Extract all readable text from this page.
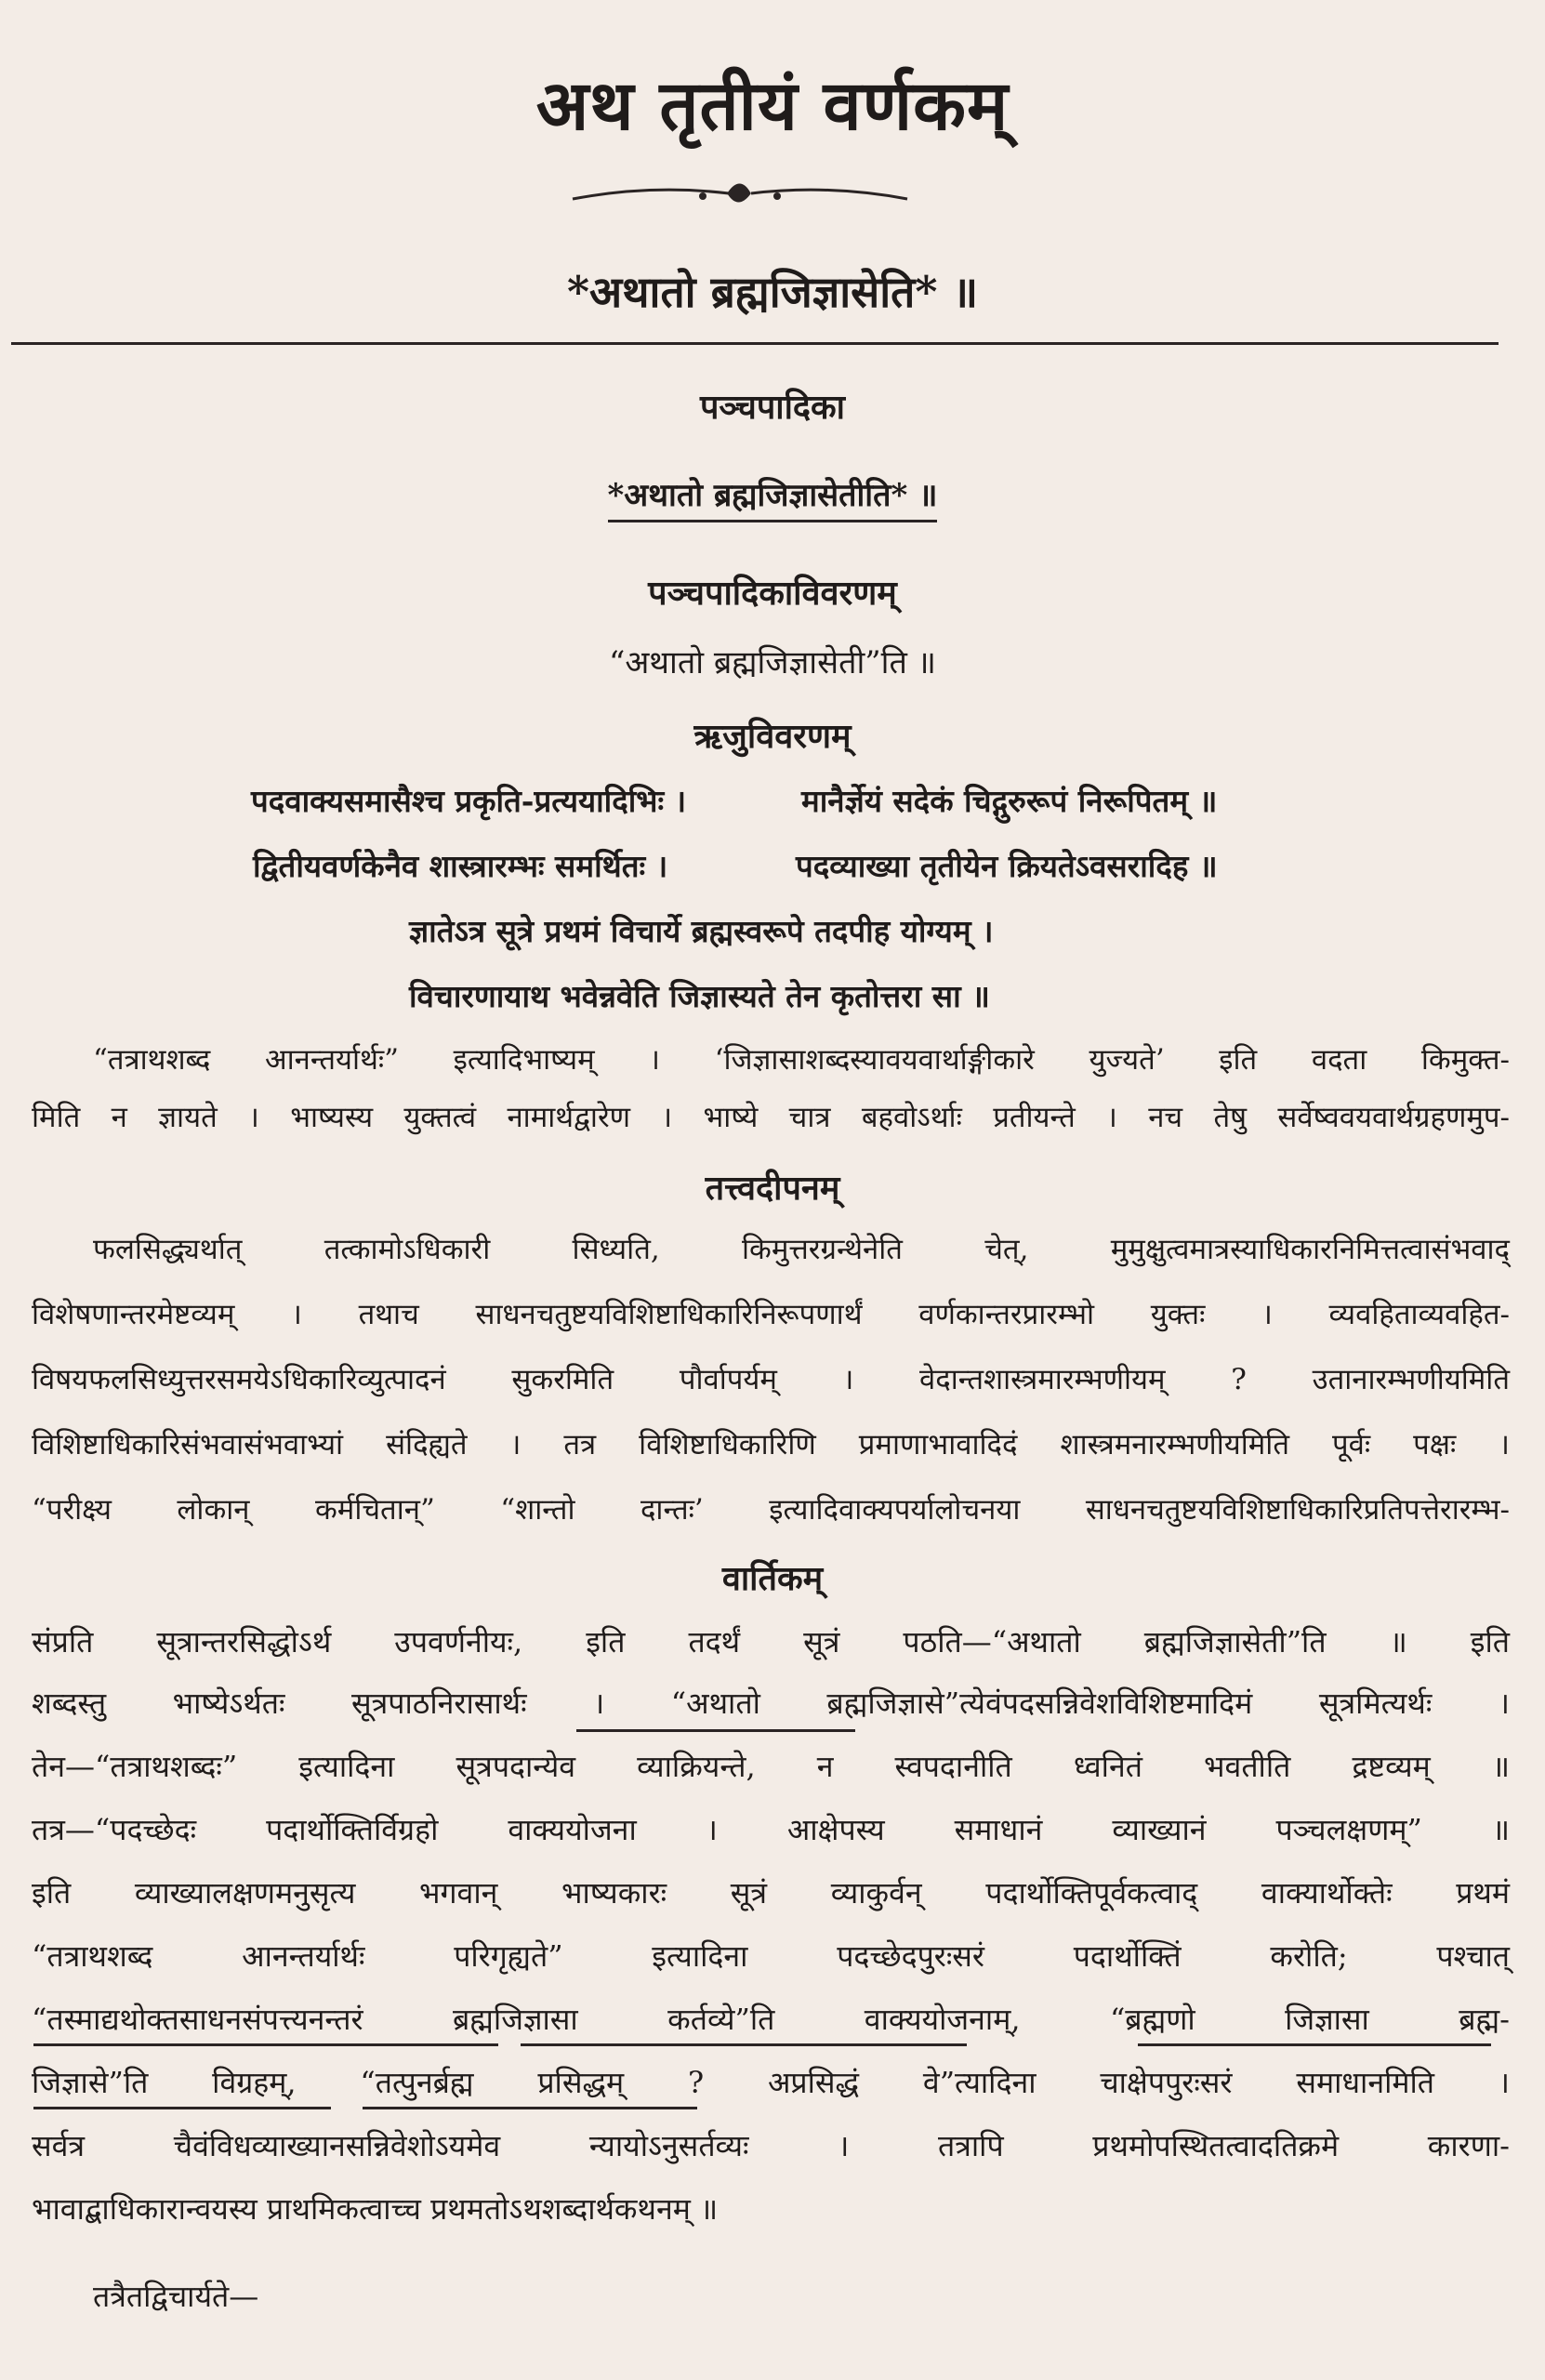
अथ तृतीयं वर्णकम्
*अथातो ब्रह्मजिज्ञासेति* ॥
पञ्चपादिका
*अथातो ब्रह्मजिज्ञासेतीति* ॥
पञ्चपादिकाविवरणम्
“अथातो ब्रह्मजिज्ञासेती”ति ॥
ऋजुविवरणम्
पदवाक्यसमासैश्च प्रकृति-प्रत्ययादिभिः ।	मानैर्ज्ञेयं सदेकं चिद्गुरुरूपं निरूपितम् ॥
द्वितीयवर्णकेनैव शास्त्रारम्भः समर्थितः ।	पदव्याख्या तृतीयेन क्रियतेऽवसरादिह ॥
ज्ञातेऽत्र सूत्रे प्रथमं विचार्ये ब्रह्मस्वरूपे तदपीह योग्यम् ।
विचारणायाथ भवेन्नवेति जिज्ञास्यते तेन कृतोत्तरा सा ॥
“तत्राथशब्द आनन्तर्यार्थः” इत्यादिभाष्यम् । ‘जिज्ञासाशब्दस्यावयवार्थाङ्गीकारे युज्यते’ इति वदता किमुक्त-
मिति न ज्ञायते । भाष्यस्य युक्तत्वं नामार्थद्वारेण । भाष्ये चात्र बहवोऽर्थाः प्रतीयन्ते । नच तेषु सर्वेष्ववयवार्थग्रहणमुप-
तत्त्वदीपनम्
फलसिद्ध्यर्थात् तत्कामोऽधिकारी सिध्यति, किमुत्तरग्रन्थेनेति चेत्, मुमुक्षुत्वमात्रस्याधिकारनिमित्तत्वासंभवाद्
विशेषणान्तरमेष्टव्यम् । तथाच साधनचतुष्टयविशिष्टाधिकारिनिरूपणार्थं वर्णकान्तरप्रारम्भो युक्तः । व्यवहिताव्यवहित-
विषयफलसिध्युत्तरसमयेऽधिकारिव्युत्पादनं सुकरमिति पौर्वापर्यम् । वेदान्तशास्त्रमारम्भणीयम् ? उतानारम्भणीयमिति
विशिष्टाधिकारिसंभवासंभवाभ्यां संदिह्यते । तत्र विशिष्टाधिकारिणि प्रमाणाभावादिदं शास्त्रमनारम्भणीयमिति पूर्वः पक्षः ।
“परीक्ष्य लोकान् कर्मचितान्” “शान्तो दान्तः’ इत्यादिवाक्यपर्यालोचनया साधनचतुष्टयविशिष्टाधिकारिप्रतिपत्तेरारम्भ-
वार्तिकम्
संप्रति सूत्रान्तरसिद्धोऽर्थ उपवर्णनीयः, इति तदर्थं सूत्रं पठति—“अथातो ब्रह्मजिज्ञासेती”ति ॥ इति
शब्दस्तु भाष्येऽर्थतः सूत्रपाठनिरासार्थः । “अथातो ब्रह्मजिज्ञासे”त्येवंपदसन्निवेशविशिष्टमादिमं सूत्रमित्यर्थः ।
तेन—“तत्राथशब्दः” इत्यादिना सूत्रपदान्येव व्याक्रियन्ते, न स्वपदानीति ध्वनितं भवतीति द्रष्टव्यम् ॥
तत्र—“पदच्छेदः पदार्थोक्तिर्विग्रहो वाक्ययोजना । आक्षेपस्य समाधानं व्याख्यानं पञ्चलक्षणम्” ॥
इति व्याख्यालक्षणमनुसृत्य भगवान् भाष्यकारः सूत्रं व्याकुर्वन् पदार्थोक्तिपूर्वकत्वाद् वाक्यार्थोक्तेः प्रथमं
“तत्राथशब्द आनन्तर्यार्थः परिगृह्यते” इत्यादिना पदच्छेदपुरःसरं पदार्थोक्तिं करोति; पश्चात्
“तस्माद्यथोक्तसाधनसंपत्त्यनन्तरं ब्रह्मजिज्ञासा कर्तव्ये”ति वाक्ययोजनाम्, “ब्रह्मणो जिज्ञासा ब्रह्म-
जिज्ञासे”ति विग्रहम्, “तत्पुनर्ब्रह्म प्रसिद्धम् ? अप्रसिद्धं वे”त्यादिना चाक्षेपपुरःसरं समाधानमिति ।
सर्वत्र चैवंविधव्याख्यानसन्निवेशोऽयमेव न्यायोऽनुसर्तव्यः । तत्रापि प्रथमोपस्थितत्वादतिक्रमे कारणा-
भावाद्बाधिकारान्वयस्य प्राथमिकत्वाच्च प्रथमतोऽथशब्दार्थकथनम् ॥
तत्रैतद्विचार्यते—
